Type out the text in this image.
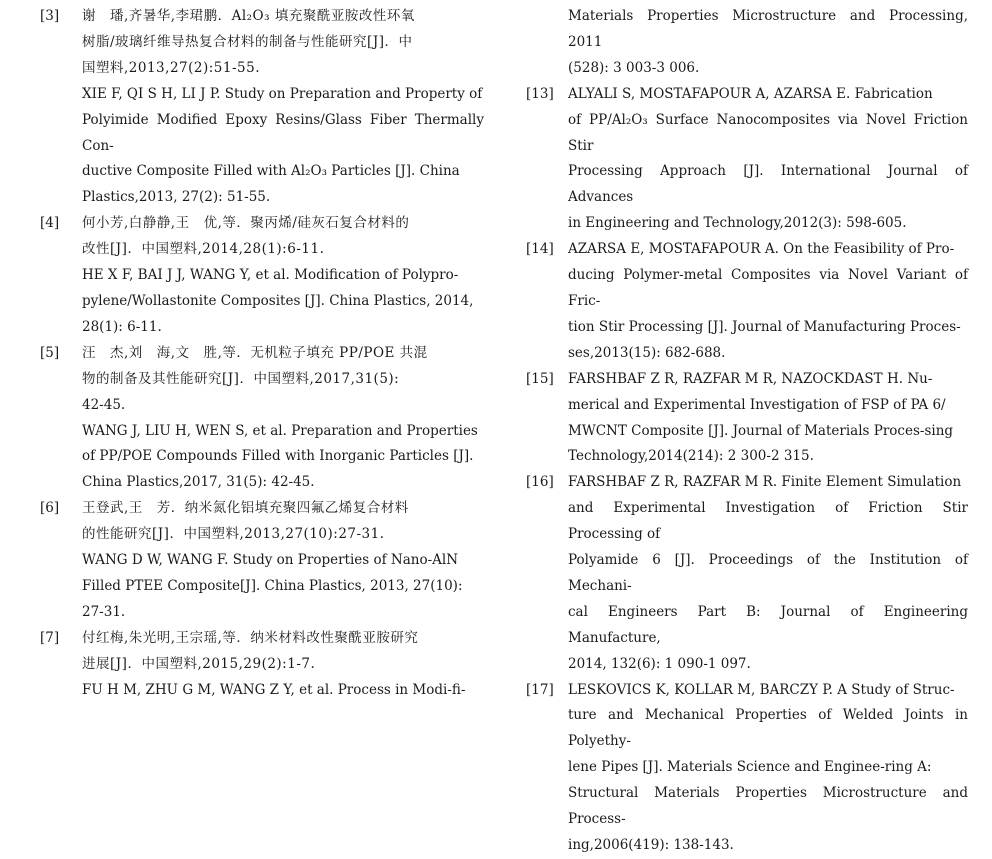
[3] 谢　璠,齐暑华,李珺鹏．Al₂O₃ 填充聚酰亚胺改性环氧
树脂/玻璃纤维导热复合材料的制备与性能研究[J]．中
国塑料,2013,27(2):51-55.
XIE F, QI S H, LI J P. Study on Preparation and Property of
Polyimide Modified Epoxy Resins/Glass Fiber Thermally Con-
ductive Composite Filled with Al₂O₃ Particles [J]. China
Plastics,2013, 27(2): 51-55.
[4] 何小芳,白静静,王　优,等．聚丙烯/硅灰石复合材料的
改性[J]．中国塑料,2014,28(1):6-11.
HE X F, BAI J J, WANG Y, et al. Modification of Polypro-
pylene/Wollastonite Composites [J]. China Plastics, 2014,
28(1): 6-11.
[5] 汪　杰,刘　海,文　胜,等．无机粒子填充 PP/POE 共混
物的制备及其性能研究[J]．中国塑料,2017,31(5):
42-45.
WANG J, LIU H, WEN S, et al. Preparation and Properties
of PP/POE Compounds Filled with Inorganic Particles [J].
China Plastics,2017, 31(5): 42-45.
[6] 王登武,王　芳．纳米氮化铝填充聚四氟乙烯复合材料
的性能研究[J]．中国塑料,2013,27(10):27-31.
WANG D W, WANG F. Study on Properties of Nano-AlN
Filled PTEE Composite[J]. China Plastics, 2013, 27(10):
27-31.
[7] 付红梅,朱光明,王宗瑶,等．纳米材料改性聚酰亚胺研究
进展[J]．中国塑料,2015,29(2):1-7.
FU H M, ZHU G M, WANG Z Y, et al. Process in Modi-fi-
Materials Properties Microstructure and Processing, 2011
(528): 3 003-3 006.
[13] ALYALI S, MOSTAFAPOUR A, AZARSA E. Fabrication
of PP/Al₂O₃ Surface Nanocomposites via Novel Friction Stir
Processing Approach [J]. International Journal of Advances
in Engineering and Technology,2012(3): 598-605.
[14] AZARSA E, MOSTAFAPOUR A. On the Feasibility of Pro-
ducing Polymer-metal Composites via Novel Variant of Fric-
tion Stir Processing [J]. Journal of Manufacturing Proces-
ses,2013(15): 682-688.
[15] FARSHBAF Z R, RAZFAR M R, NAZOCKDAST H. Nu-
merical and Experimental Investigation of FSP of PA 6/
MWCNT Composite [J]. Journal of Materials Proces-sing
Technology,2014(214): 2 300-2 315.
[16] FARSHBAF Z R, RAZFAR M R. Finite Element Simulation
and Experimental Investigation of Friction Stir Processing of
Polyamide 6 [J]. Proceedings of the Institution of Mechani-
cal Engineers Part B: Journal of Engineering Manufacture,
2014, 132(6): 1 090-1 097.
[17] LESKOVICS K, KOLLAR M, BARCZY P. A Study of Struc-
ture and Mechanical Properties of Welded Joints in Polyethy-
lene Pipes [J]. Materials Science and Enginee-ring A:
Structural Materials Properties Microstructure and Process-
ing,2006(419): 138-143.
